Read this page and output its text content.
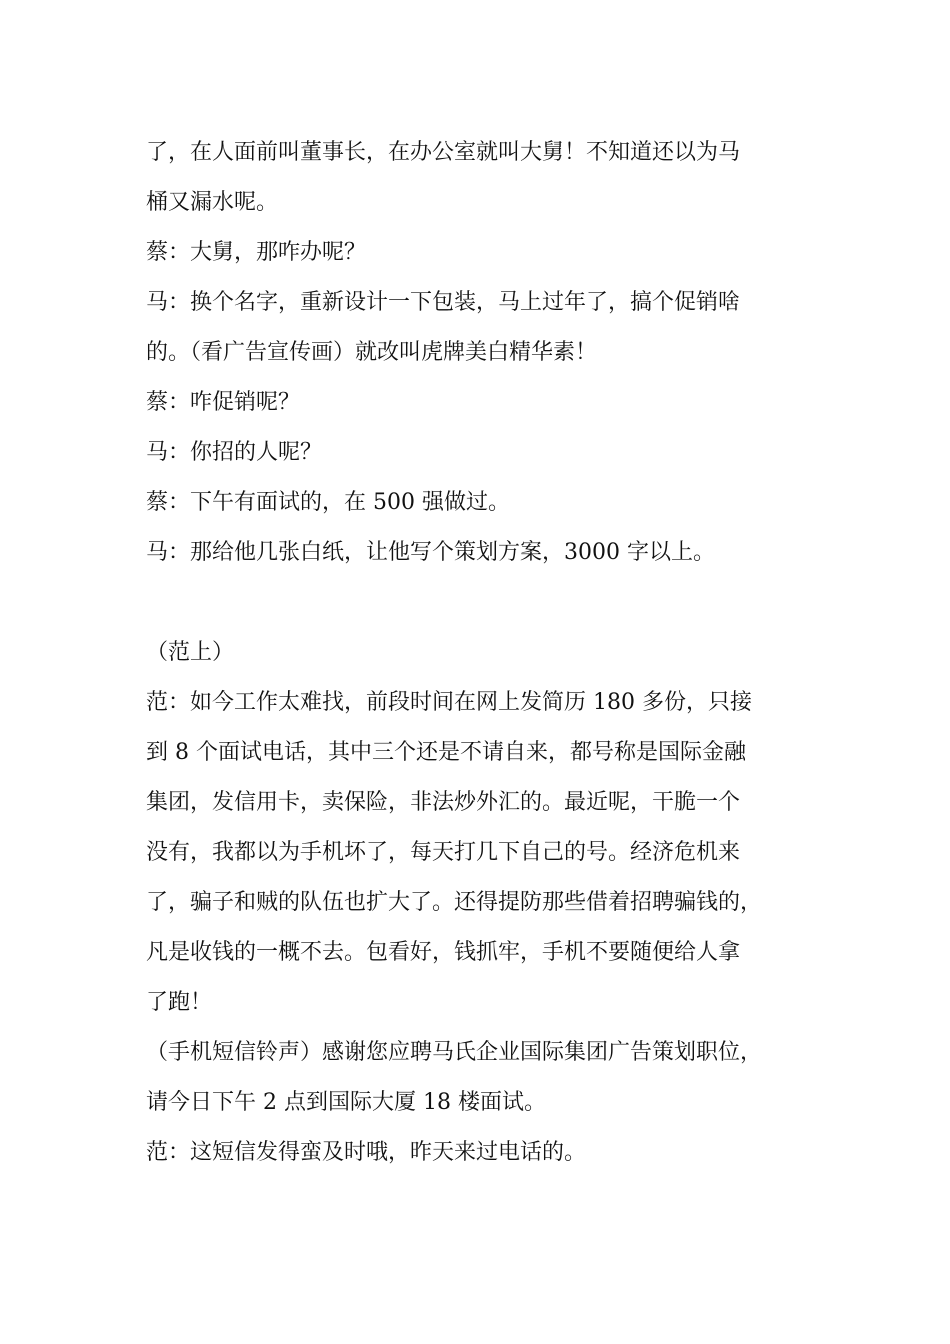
了，在人面前叫董事长，在办公室就叫大舅！不知道还以为马
桶又漏水呢。
蔡：大舅，那咋办呢？
马：换个名字，重新设计一下包装，马上过年了，搞个促销啥
的。（看广告宣传画）就改叫虎牌美白精华素！
蔡：咋促销呢？
马：你招的人呢？
蔡：下午有面试的，在 500 强做过。
马：那给他几张白纸，让他写个策划方案，3000 字以上。
（范上）
范：如今工作太难找，前段时间在网上发简历 180 多份，只接
到 8 个面试电话，其中三个还是不请自来，都号称是国际金融
集团，发信用卡，卖保险，非法炒外汇的。最近呢，干脆一个
没有，我都以为手机坏了，每天打几下自己的号。经济危机来
了，骗子和贼的队伍也扩大了。还得提防那些借着招聘骗钱的，
凡是收钱的一概不去。包看好，钱抓牢，手机不要随便给人拿
了跑！
（手机短信铃声）感谢您应聘马氏企业国际集团广告策划职位，
请今日下午 2 点到国际大厦 18 楼面试。
范：这短信发得蛮及时哦，昨天来过电话的。
